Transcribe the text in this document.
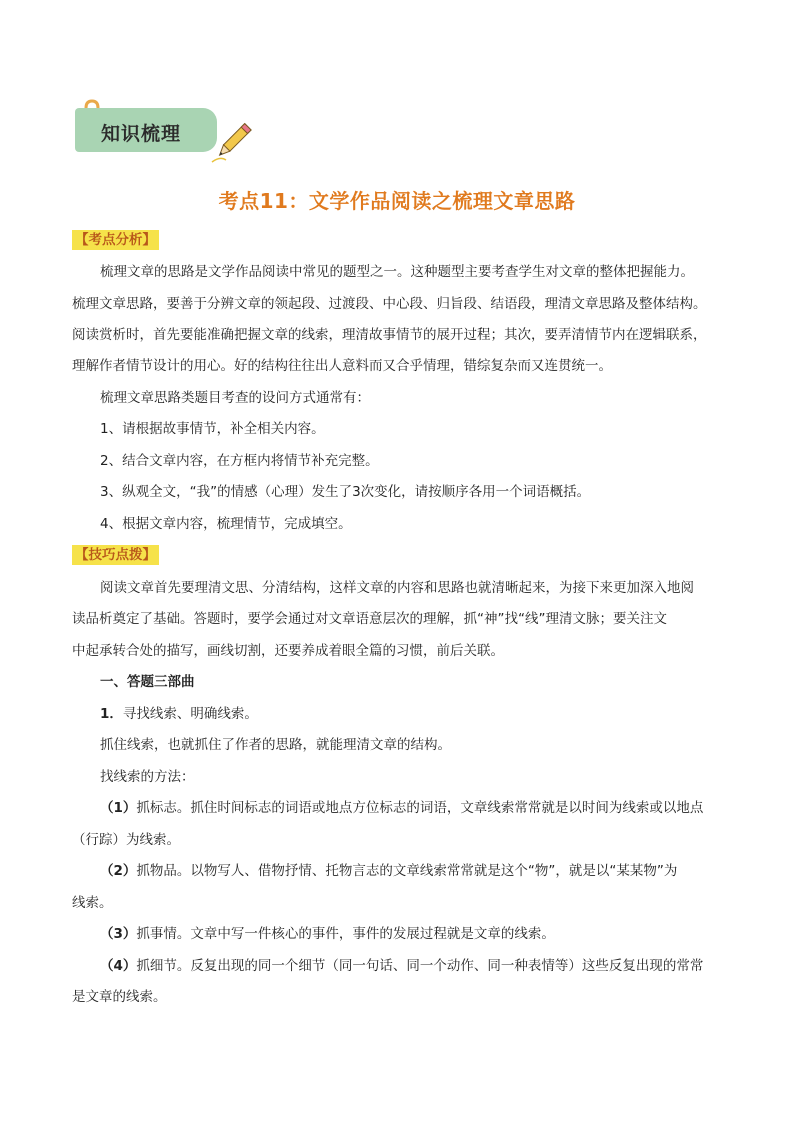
知识梳理
考点11：文学作品阅读之梳理文章思路
【考点分析】
梳理文章的思路是文学作品阅读中常见的题型之一。这种题型主要考查学生对文章的整体把握能力。
梳理文章思路，要善于分辨文章的领起段、过渡段、中心段、归旨段、结语段，理清文章思路及整体结构。
阅读赏析时，首先要能准确把握文章的线索，理清故事情节的展开过程；其次，要弄清情节内在逻辑联系，
理解作者情节设计的用心。好的结构往往出人意料而又合乎情理，错综复杂而又连贯统一。
梳理文章思路类题目考查的设问方式通常有：
1、请根据故事情节，补全相关内容。
2、结合文章内容，在方框内将情节补充完整。
3、纵观全文，“我”的情感（心理）发生了3次变化，请按顺序各用一个词语概括。
4、根据文章内容，梳理情节，完成填空。
【技巧点拨】
阅读文章首先要理清文思、分清结构，这样文章的内容和思路也就清晰起来，为接下来更加深入地阅
读品析奠定了基础。答题时，要学会通过对文章语意层次的理解，抓“神”找“线”理清文脉；要关注文
中起承转合处的描写，画线切割，还要养成着眼全篇的习惯，前后关联。
一、答题三部曲
1．寻找线索、明确线索。
抓住线索，也就抓住了作者的思路，就能理清文章的结构。
找线索的方法：
（1）抓标志。抓住时间标志的词语或地点方位标志的词语，文章线索常常就是以时间为线索或以地点
（行踪）为线索。
（2）抓物品。以物写人、借物抒情、托物言志的文章线索常常就是这个“物”，就是以“某某物”为
线索。
（3）抓事情。文章中写一件核心的事件，事件的发展过程就是文章的线索。
（4）抓细节。反复出现的同一个细节（同一句话、同一个动作、同一种表情等）这些反复出现的常常
是文章的线索。
